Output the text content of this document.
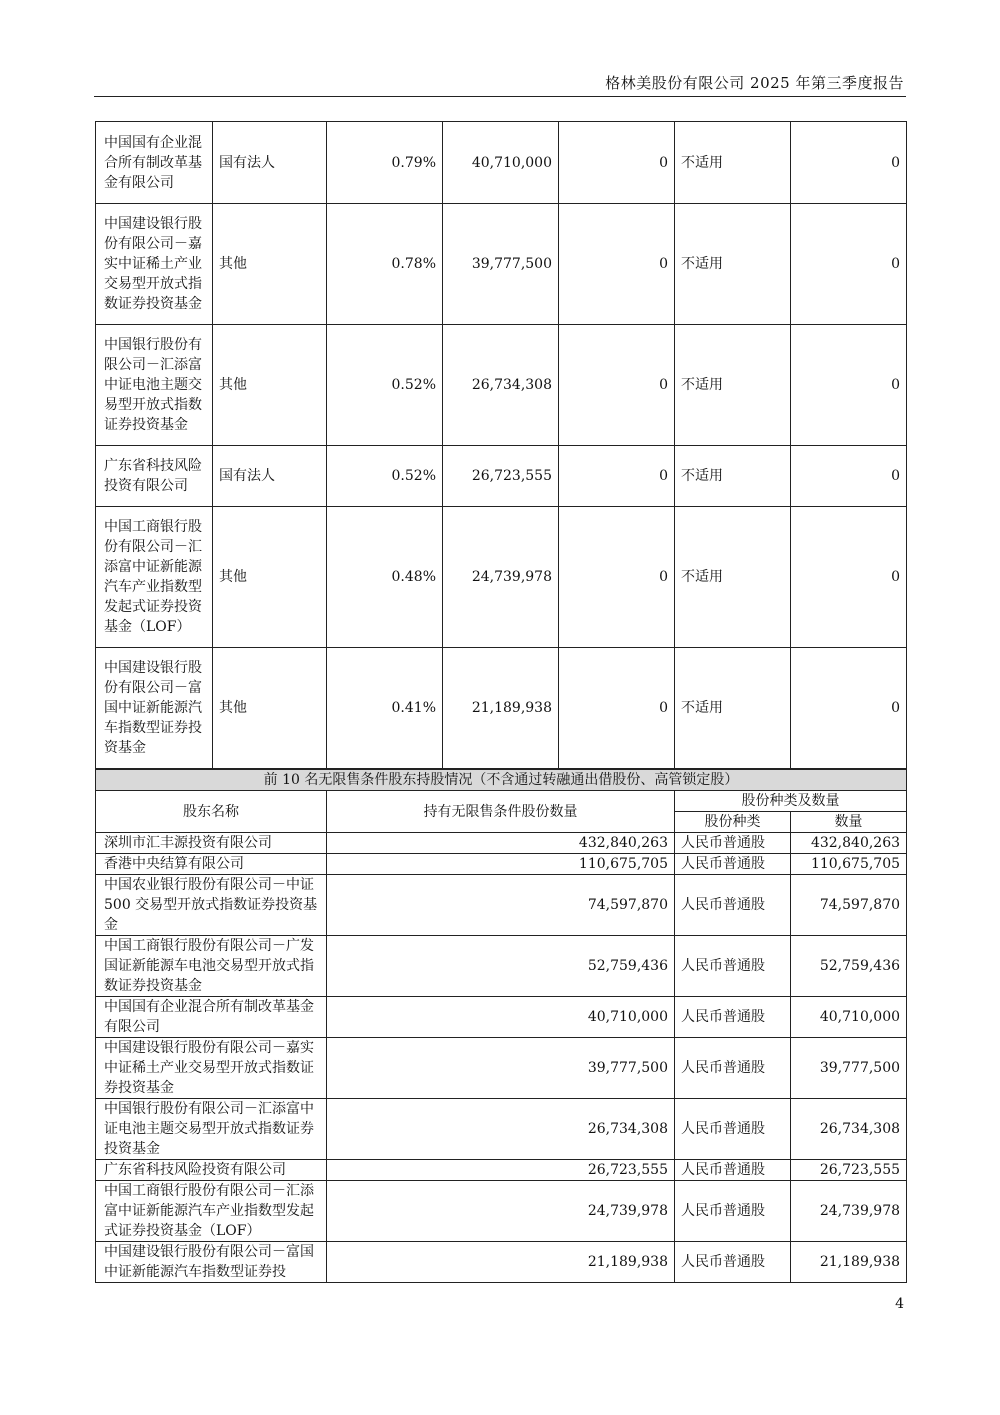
格林美股份有限公司 2025 年第三季度报告
中国国有企业混合所有制改革基金有限公司	国有法人	0.79%	40,710,000	0	不适用	0
中国建设银行股份有限公司－嘉实中证稀土产业交易型开放式指数证券投资基金	其他	0.78%	39,777,500	0	不适用	0
中国银行股份有限公司－汇添富中证电池主题交易型开放式指数证券投资基金	其他	0.52%	26,734,308	0	不适用	0
广东省科技风险投资有限公司	国有法人	0.52%	26,723,555	0	不适用	0
中国工商银行股份有限公司－汇添富中证新能源汽车产业指数型发起式证券投资基金（LOF）	其他	0.48%	24,739,978	0	不适用	0
中国建设银行股份有限公司－富国中证新能源汽车指数型证券投资基金	其他	0.41%	21,189,938	0	不适用	0
前 10 名无限售条件股东持股情况（不含通过转融通出借股份、高管锁定股）			
股东名称	持有无限售条件股份数量	股份种类及数量	
		股份种类	数量
深圳市汇丰源投资有限公司	432,840,263	人民币普通股	432,840,263
香港中央结算有限公司	110,675,705	人民币普通股	110,675,705
中国农业银行股份有限公司－中证 500 交易型开放式指数证券投资基金	74,597,870	人民币普通股	74,597,870
中国工商银行股份有限公司－广发国证新能源车电池交易型开放式指数证券投资基金	52,759,436	人民币普通股	52,759,436
中国国有企业混合所有制改革基金有限公司	40,710,000	人民币普通股	40,710,000
中国建设银行股份有限公司－嘉实中证稀土产业交易型开放式指数证券投资基金	39,777,500	人民币普通股	39,777,500
中国银行股份有限公司－汇添富中证电池主题交易型开放式指数证券投资基金	26,734,308	人民币普通股	26,734,308
广东省科技风险投资有限公司	26,723,555	人民币普通股	26,723,555
中国工商银行股份有限公司－汇添富中证新能源汽车产业指数型发起式证券投资基金（LOF）	24,739,978	人民币普通股	24,739,978
中国建设银行股份有限公司－富国中证新能源汽车指数型证券投	21,189,938	人民币普通股	21,189,938
4
